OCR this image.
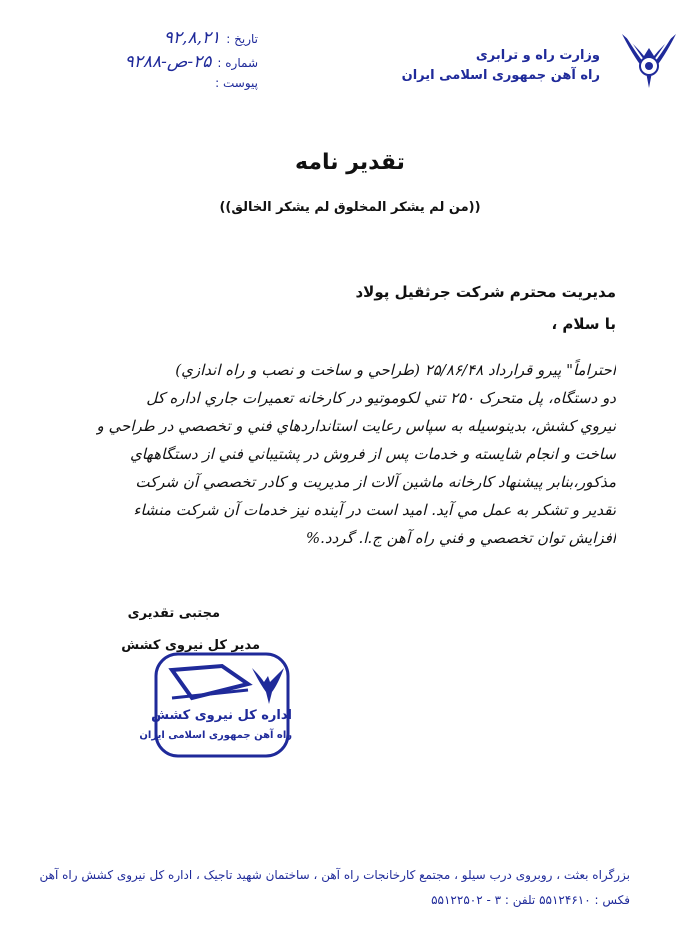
وزارت راه و ترابری
راه آهن جمهوری اسلامی ایران
تاریخ :
۹۲,۸,۲۱
شماره :
۲۵-ص-۹۲۸۸
پیوست :
تقدیر نامه
((من لم یشکر المخلوق لم یشکر الخالق))
مدیریت محترم شرکت جرثقیل پولاد
با سلام ،
احتراماً" پیرو قرارداد ۲۵/۸۶/۴۸ (طراحي و ساخت و نصب و راه اندازي)
دو دستگاه، پل متحرک ۲۵۰ تني لکوموتيو در کارخانه تعميرات جاري اداره کل
نيروي کشش، بدينوسيله به سپاس رعايت استانداردهاي فني و تخصصي در طراحي و
ساخت و انجام شايسته و خدمات پس از فروش در پشتيباني فني از دستگاههاي
مذکور،بنابر پيشنهاد کارخانه ماشين آلات از مديريت و کادر تخصصي آن شرکت
تقدير و تشکر به عمل مي آيد. اميد است در آينده نيز خدمات آن شرکت منشاء
افزايش توان تخصصي و فني راه آهن ج.ا. گردد.%
مجتبی تقدیری
مدیر کل نیروی کشش
اداره کل نیروی کشش
راه آهن جمهوری اسلامی ایران
بزرگراه بعثت ، روبروی درب سیلو ، مجتمع کارخانجات راه آهن ، ساختمان شهید تاجیک ، اداره کل نیروی کشش راه آهن
فکس : ۵۵۱۲۴۶۱۰ تلفن : ۳ - ۵۵۱۲۲۵۰۲
